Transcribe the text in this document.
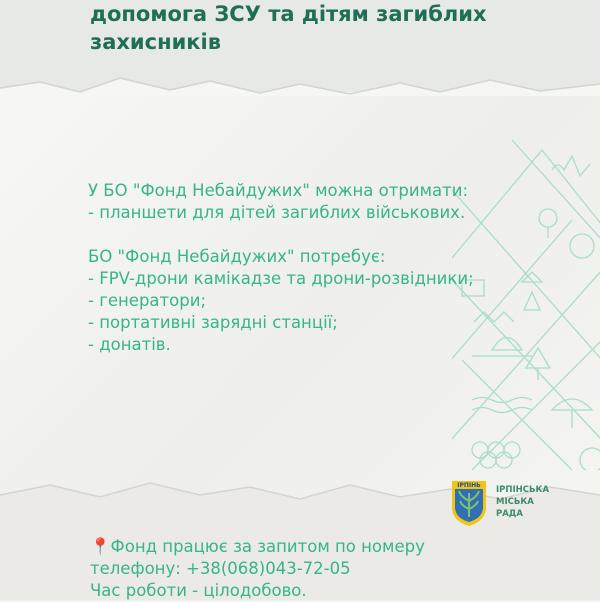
допомога ЗСУ та дітям загиблих
захисників

У БО "Фонд Небайдужих" можна отримати:

- планшети для дітей загиблих військових.

БО "Фонд Небайдужих" потребує:

- FPV-дрони камікадзе та дрони-розвідники;

- генератори;

- портативні зарядні станції;

- донатів.

ІРПІНЬ ІРПІНСЬКА
МІСЬКА
РАДА

📍Фонд працює за запитом по номеру

телефону: +38(068)043-72-05

Час роботи - цілодобово.
